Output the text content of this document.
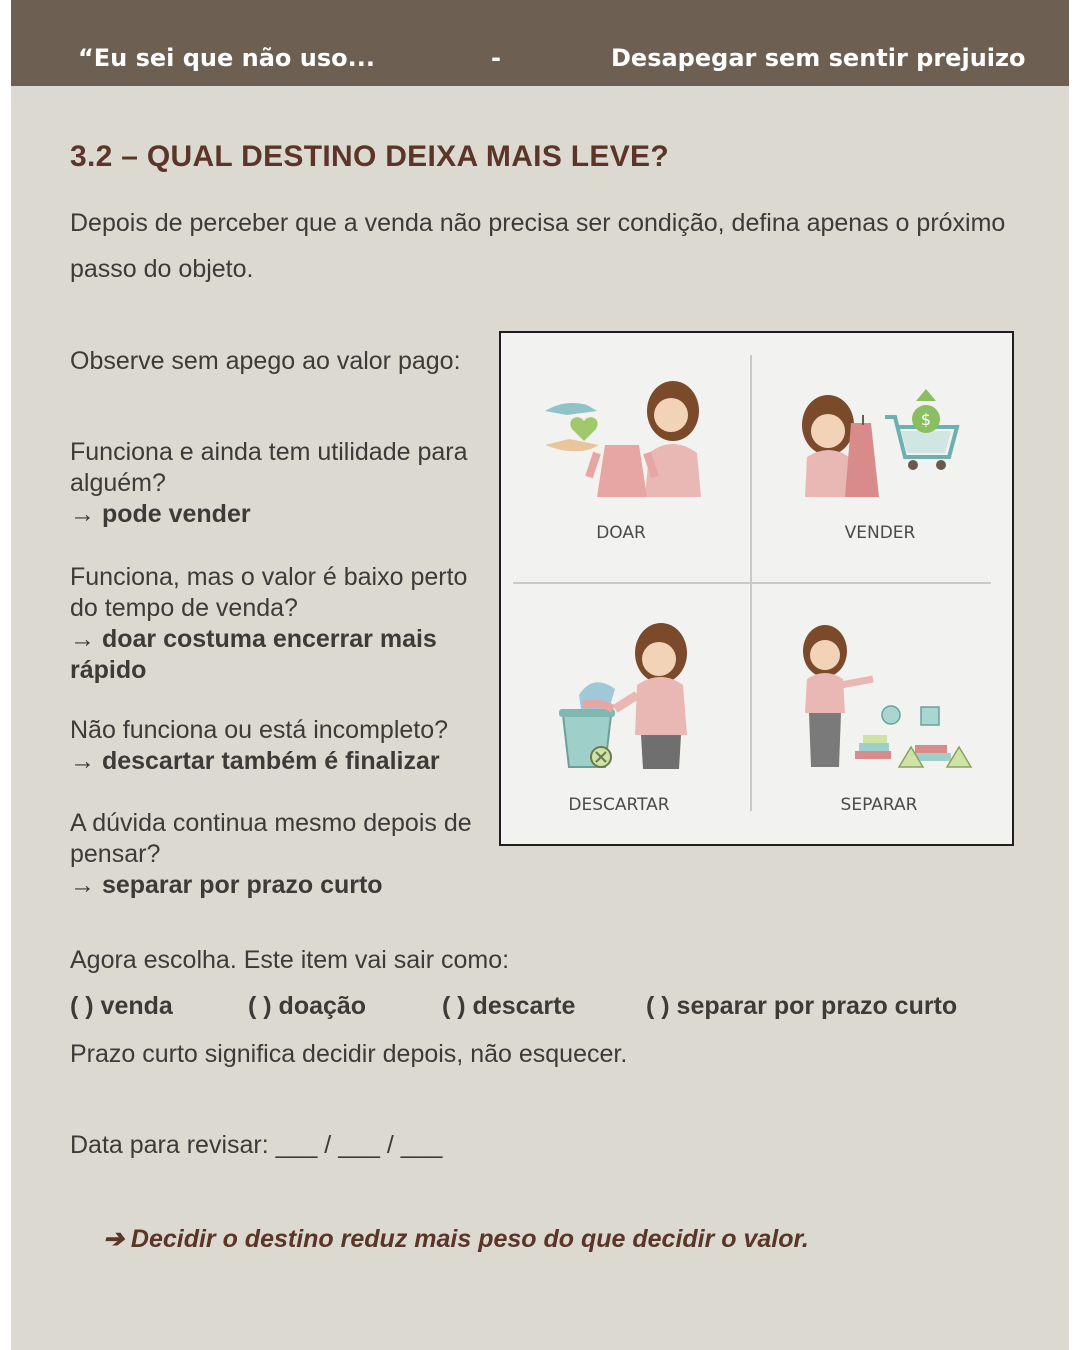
“Eu sei que não uso...	-	Desapegar sem sentir prejuizo
3.2 – QUAL DESTINO DEIXA MAIS LEVE?

Depois de perceber que a venda não precisa ser condição, defina apenas o próximo passo do objeto.

Observe sem apego ao valor pago:
Funciona e ainda tem utilidade para alguém?
→ pode vender
Funciona, mas o valor é baixo perto do tempo de venda?
→ doar costuma encerrar mais rápido
Não funciona ou está incompleto?
→ descartar também é finalizar
A dúvida continua mesmo depois de pensar?
→ separar por prazo curto
$
DOAR	VENDER
DESCARTAR	SEPARAR

Agora escolha. Este item vai sair como:

( ) venda	( ) doação	( ) descarte	( ) separar por prazo curto

Prazo curto significa decidir depois, não esquecer.

Data para revisar: ___ / ___ / ___

➔ Decidir o destino reduz mais peso do que decidir o valor.
